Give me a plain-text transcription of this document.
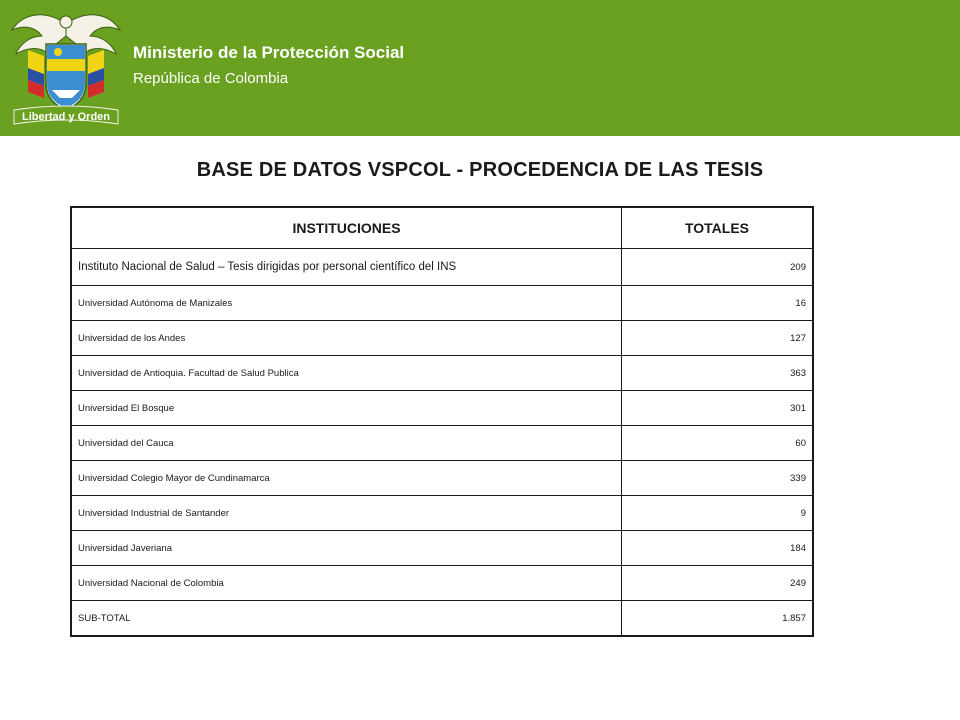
Libertad y Orden
Ministerio de la Protección Social
República de Colombia
BASE DE DATOS VSPCOL - PROCEDENCIA DE LAS TESIS
INSTITUCIONES	TOTALES
Instituto Nacional de Salud – Tesis dirigidas por personal científico del INS	209
Universidad Autónoma de Manizales	16
Universidad de los Andes	127
Universidad de Antioquia. Facultad de Salud Publica	363
Universidad El Bosque	301
Universidad del Cauca	60
Universidad Colegio Mayor de Cundinamarca	339
Universidad Industrial de Santander	9
Universidad Javeriana	184
Universidad Nacional de Colombia	249
SUB-TOTAL	1.857
